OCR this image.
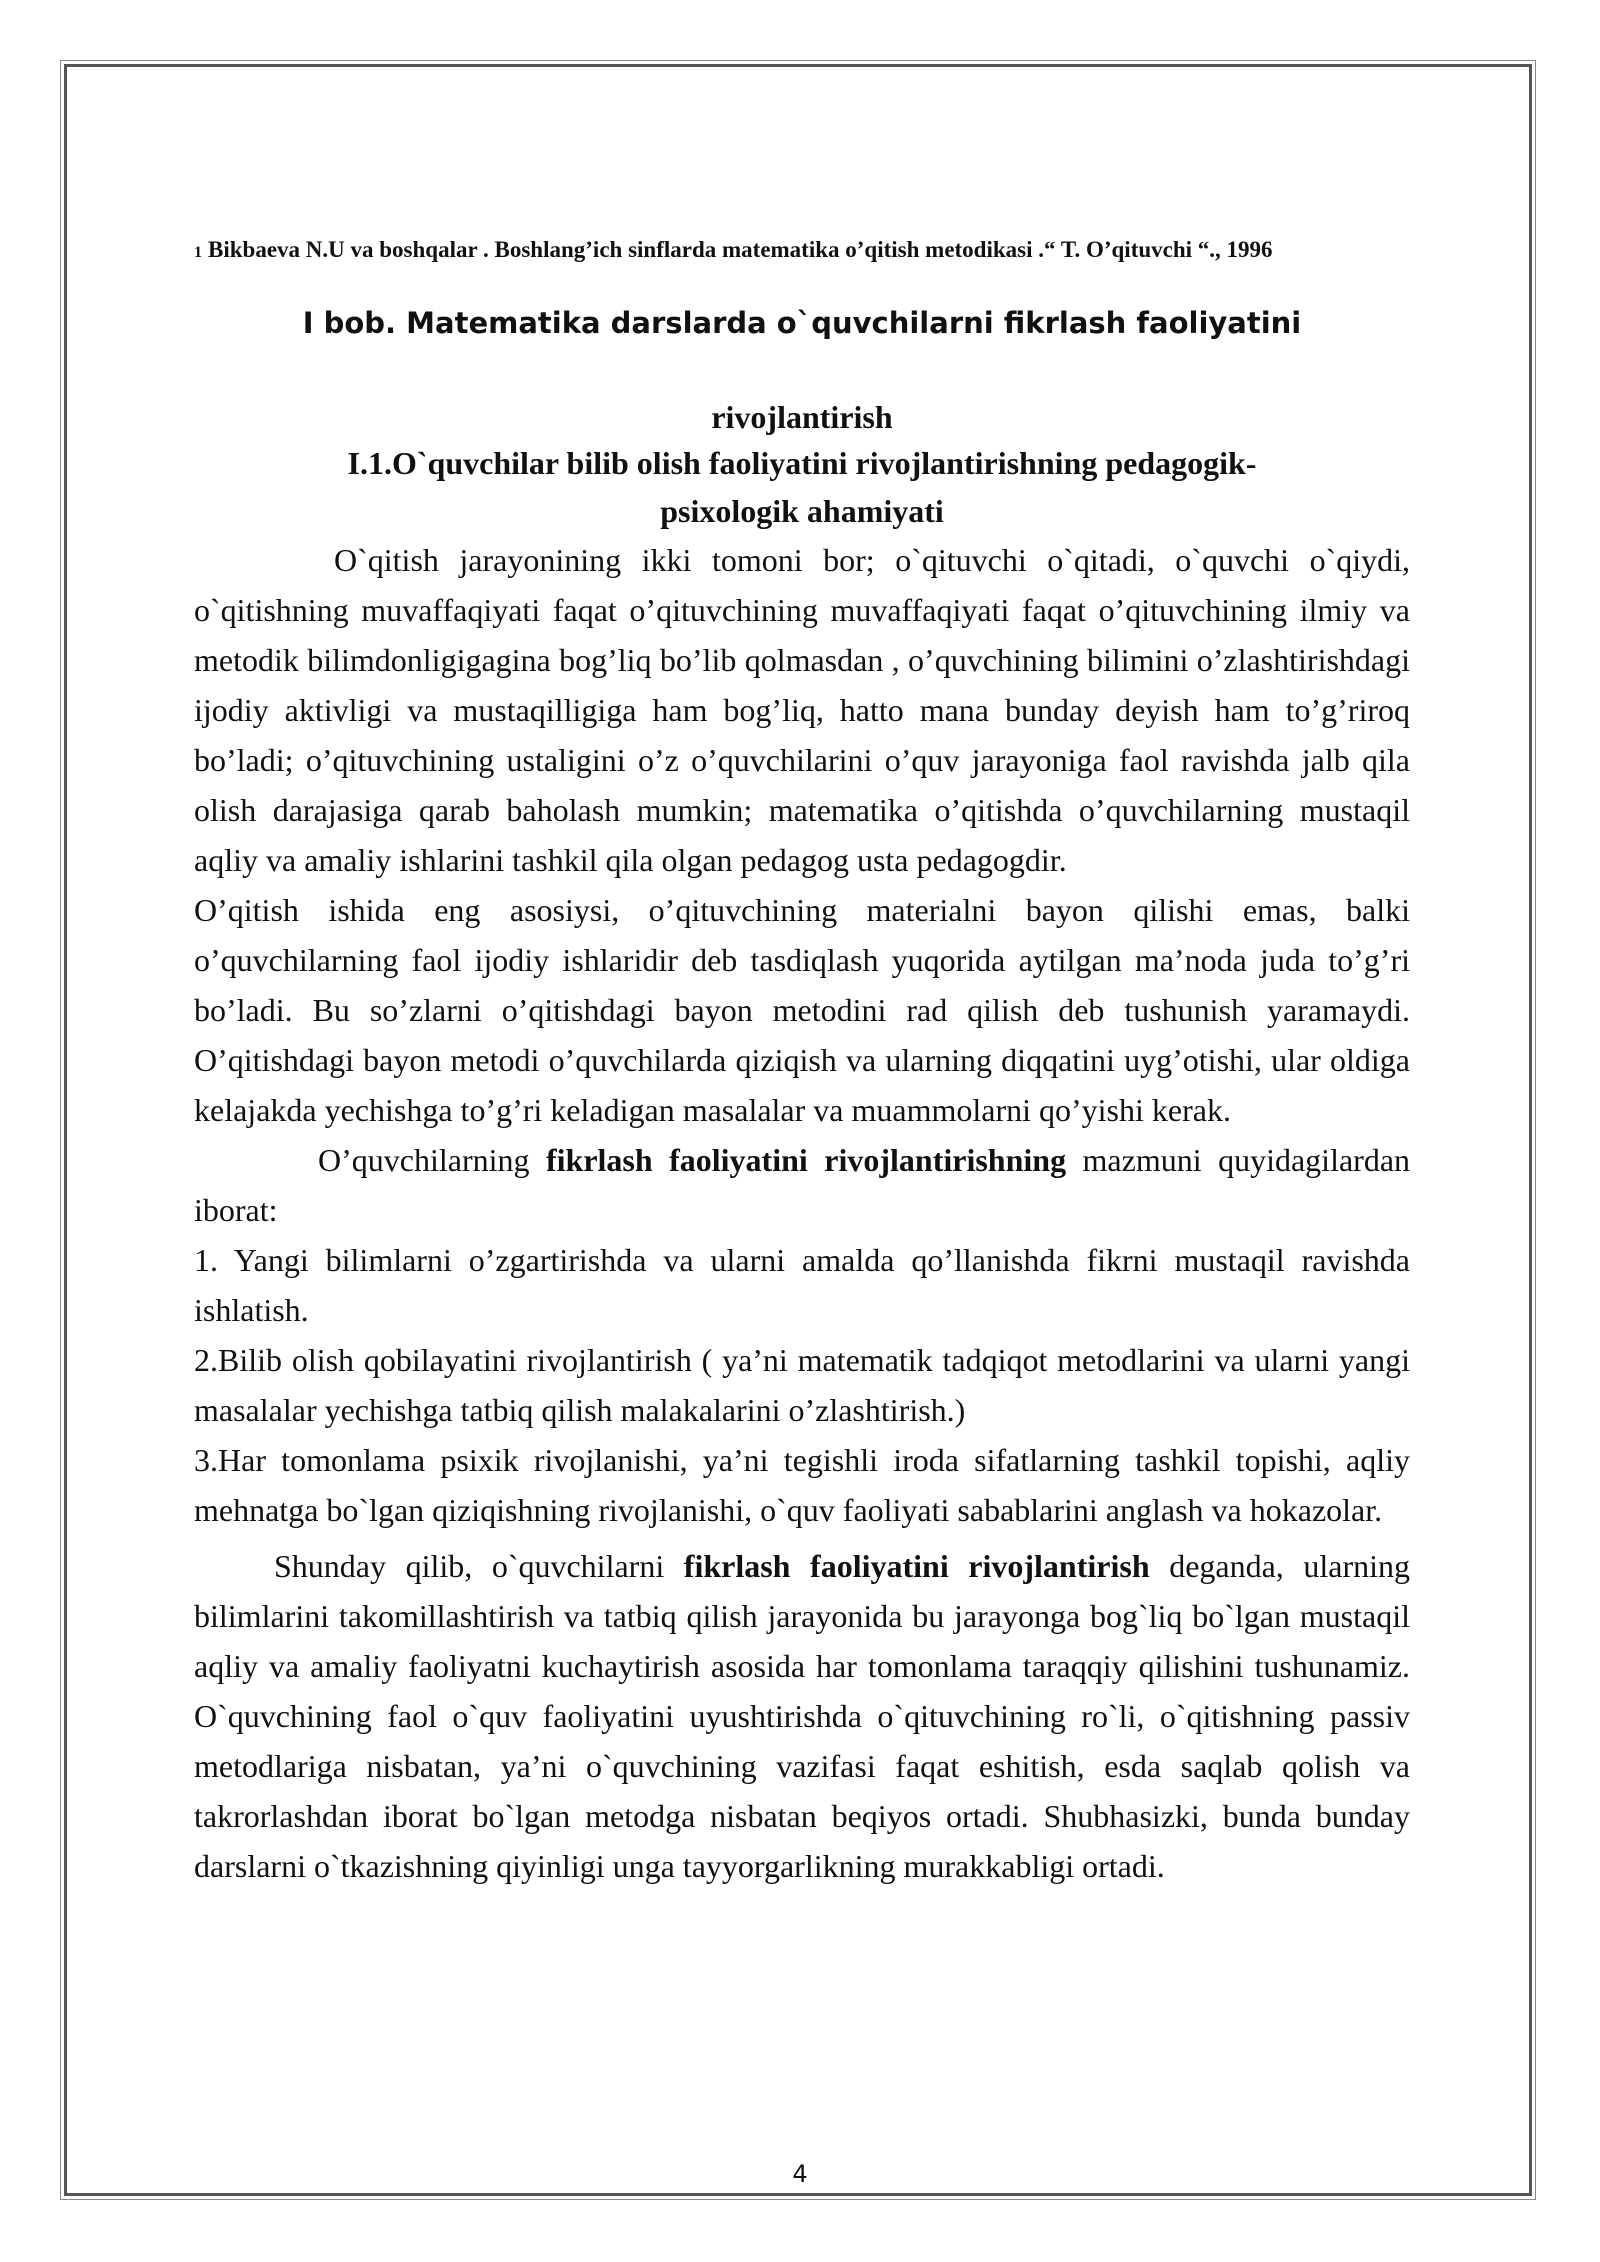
1 Bikbaeva N.U va boshqalar . Boshlang’ich sinflarda matematika o’qitish metodikasi .“ T. O’qituvchi “., 1996
I bob. Matematika darslarda o`quvchilarni fikrlash faoliyatini
rivojlantirish
I.1.O`quvchilar bilib olish faoliyatini rivojlantirishning pedagogik-
psixologik ahamiyati

O`qitish jarayonining ikki tomoni bor; o`qituvchi o`qitadi, o`quvchi o`qiydi, o`qitishning muvaffaqiyati faqat o’qituvchining muvaffaqiyati faqat o’qituvchining ilmiy va metodik bilimdonligigagina bog’liq bo’lib qolmasdan , o’quvchining bilimini o’zlashtirishdagi ijodiy aktivligi va mustaqilligiga ham bog’liq, hatto mana bunday deyish ham to’g’riroq bo’ladi; o’qituvchining ustaligini o’z o’quvchilarini o’quv jarayoniga faol ravishda jalb qila olish darajasiga qarab baholash mumkin; matematika o’qitishda o’quvchilarning mustaqil aqliy va amaliy ishlarini tashkil qila olgan pedagog usta pedagogdir.

O’qitish ishida eng asosiysi, o’qituvchining materialni bayon qilishi emas, balki o’quvchilarning faol ijodiy ishlaridir deb tasdiqlash yuqorida aytilgan ma’noda juda to’g’ri bo’ladi. Bu so’zlarni o’qitishdagi bayon metodini rad qilish deb tushunish yaramaydi. O’qitishdagi bayon metodi o’quvchilarda qiziqish va ularning diqqatini uyg’otishi, ular oldiga kelajakda yechishga to’g’ri keladigan masalalar va muammolarni qo’yishi kerak.

O’quvchilarning fikrlash faoliyatini rivojlantirishning mazmuni quyidagilardan iborat:

1. Yangi bilimlarni o’zgartirishda va ularni amalda qo’llanishda fikrni mustaqil ravishda ishlatish.

2.Bilib olish qobilayatini rivojlantirish ( ya’ni matematik tadqiqot metodlarini va ularni yangi masalalar yechishga tatbiq qilish malakalarini o’zlashtirish.)

3.Har tomonlama psixik rivojlanishi, ya’ni tegishli iroda sifatlarning tashkil topishi, aqliy mehnatga bo`lgan qiziqishning rivojlanishi, o`quv faoliyati sabablarini anglash va hokazolar.

Shunday qilib, o`quvchilarni fikrlash faoliyatini rivojlantirish deganda, ularning bilimlarini takomillashtirish va tatbiq qilish jarayonida bu jarayonga bog`liq bo`lgan mustaqil aqliy va amaliy faoliyatni kuchaytirish asosida har tomonlama taraqqiy qilishini tushunamiz. O`quvchining faol o`quv faoliyatini uyushtirishda o`qituvchining ro`li, o`qitishning passiv metodlariga nisbatan, ya’ni o`quvchining vazifasi faqat eshitish, esda saqlab qolish va takrorlashdan iborat bo`lgan metodga nisbatan beqiyos ortadi. Shubhasizki, bunda bunday darslarni o`tkazishning qiyinligi unga tayyorgarlikning murakkabligi ortadi.

4
